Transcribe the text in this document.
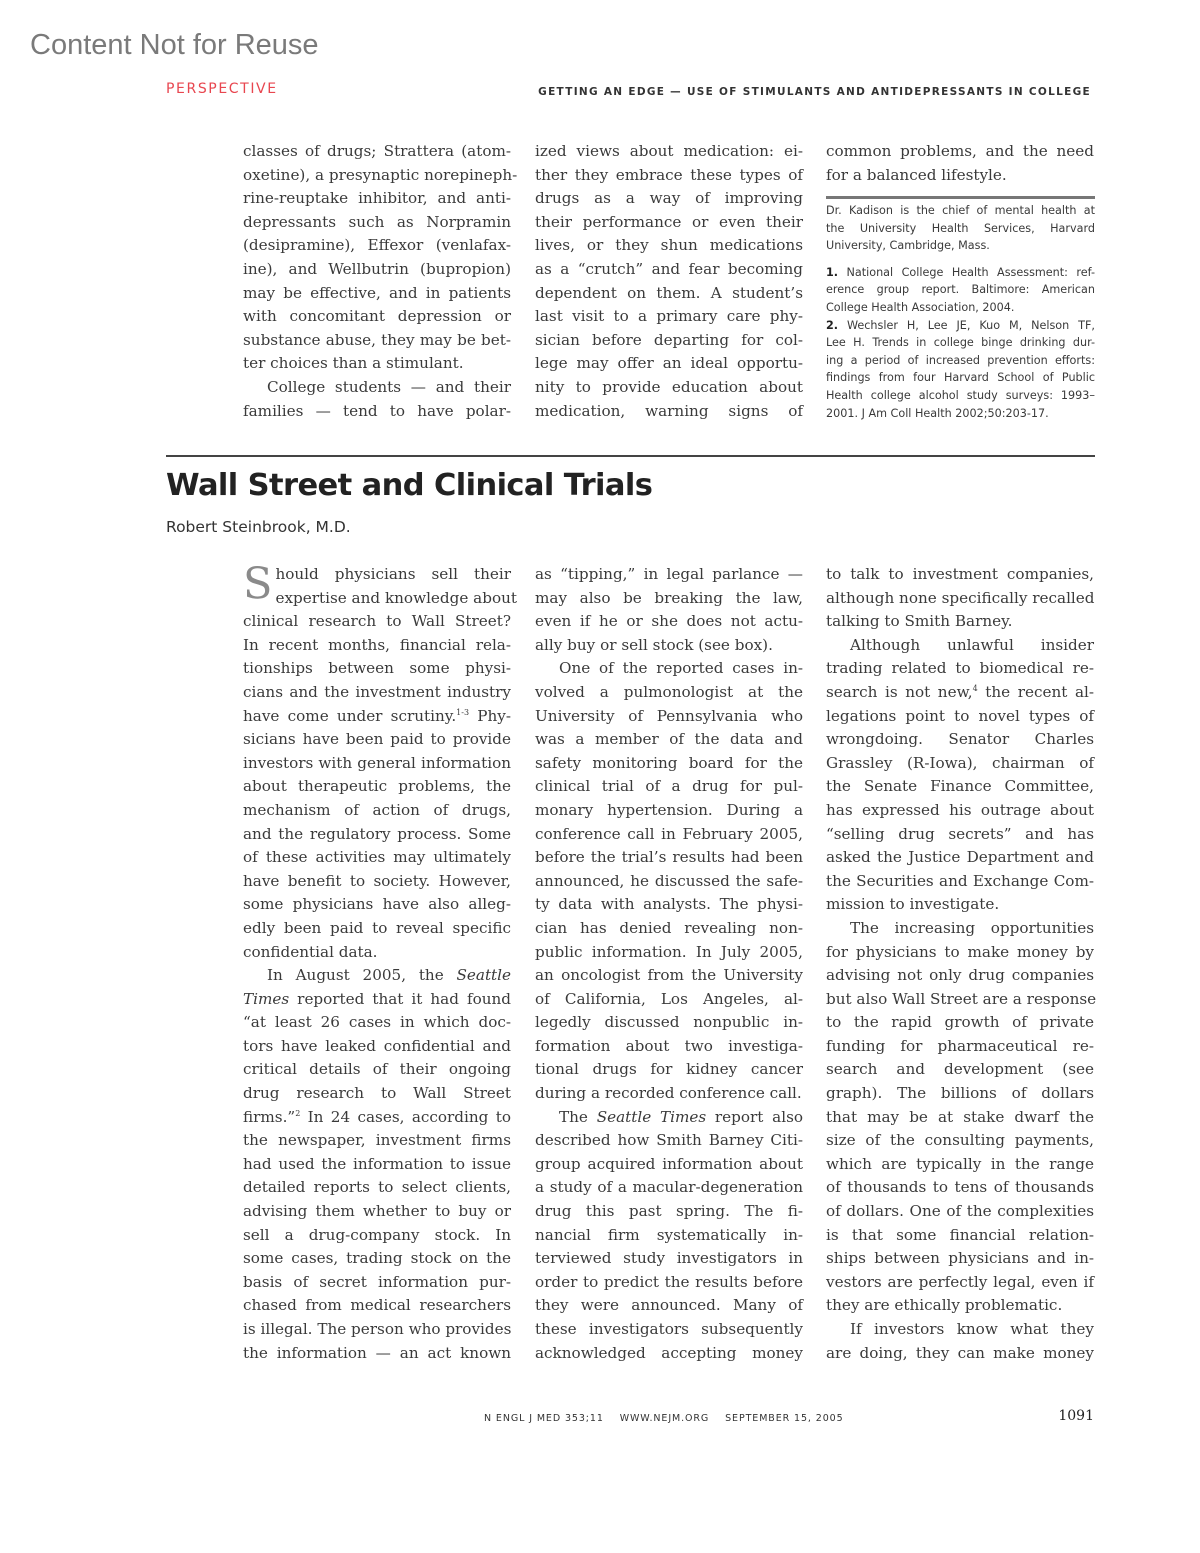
Content Not for Reuse
PERSPECTIVE	GETTING AN EDGE — USE OF STIMULANTS AND ANTIDEPRESSANTS IN COLLEGE

classes of drugs; Strattera (atom-
oxetine), a presynaptic norepineph-
rine-reuptake inhibitor, and anti-
depressants such as Norpramin
(desipramine), Effexor (venlafax-
ine), and Wellbutrin (bupropion)
may be effective, and in patients
with concomitant depression or
substance abuse, they may be bet-
ter choices than a stimulant.

College students — and their
families — tend to have polar-

ized views about medication: ei-
ther they embrace these types of
drugs as a way of improving
their performance or even their
lives, or they shun medications
as a “crutch” and fear becoming
dependent on them. A student’s
last visit to a primary care phy-
sician before departing for col-
lege may offer an ideal opportu-
nity to provide education about
medication, warning signs of

common problems, and the need
for a balanced lifestyle.

Dr. Kadison is the chief of mental health at
the University Health Services, Harvard
University, Cambridge, Mass.
1. National College Health Assessment: ref-
erence group report. Baltimore: American
College Health Association, 2004.
2. Wechsler H, Lee JE, Kuo M, Nelson TF,
Lee H. Trends in college binge drinking dur-
ing a period of increased prevention efforts:
findings from four Harvard School of Public
Health college alcohol study surveys: 1993–
2001. J Am Coll Health 2002;50:203-17.
Wall Street and Clinical Trials
Robert Steinbrook, M.D.

S hould physicians sell their
expertise and knowledge about
clinical research to Wall Street?
In recent months, financial rela-
tionships between some physi-
cians and the investment industry
have come under scrutiny.$^{1-3}$ Phy-
sicians have been paid to provide
investors with general information
about therapeutic problems, the
mechanism of action of drugs,
and the regulatory process. Some
of these activities may ultimately
have benefit to society. However,
some physicians have also alleg-
edly been paid to reveal specific
confidential data.

In August 2005, the Seattle
Times reported that it had found
“at least 26 cases in which doc-
tors have leaked confidential and
critical details of their ongoing
drug research to Wall Street
firms.”$^2$ In 24 cases, according to
the newspaper, investment firms
had used the information to issue
detailed reports to select clients,
advising them whether to buy or
sell a drug-company stock. In
some cases, trading stock on the
basis of secret information pur-
chased from medical researchers
is illegal. The person who provides
the information — an act known

as “tipping,” in legal parlance —
may also be breaking the law,
even if he or she does not actu-
ally buy or sell stock (see box).

One of the reported cases in-
volved a pulmonologist at the
University of Pennsylvania who
was a member of the data and
safety monitoring board for the
clinical trial of a drug for pul-
monary hypertension. During a
conference call in February 2005,
before the trial’s results had been
announced, he discussed the safe-
ty data with analysts. The physi-
cian has denied revealing non-
public information. In July 2005,
an oncologist from the University
of California, Los Angeles, al-
legedly discussed nonpublic in-
formation about two investiga-
tional drugs for kidney cancer
during a recorded conference call.

The Seattle Times report also
described how Smith Barney Citi-
group acquired information about
a study of a macular-degeneration
drug this past spring. The fi-
nancial firm systematically in-
terviewed study investigators in
order to predict the results before
they were announced. Many of
these investigators subsequently
acknowledged accepting money

to talk to investment companies,
although none specifically recalled
talking to Smith Barney.

Although unlawful insider
trading related to biomedical re-
search is not new,$^4$ the recent al-
legations point to novel types of
wrongdoing. Senator Charles
Grassley (R-Iowa), chairman of
the Senate Finance Committee,
has expressed his outrage about
“selling drug secrets” and has
asked the Justice Department and
the Securities and Exchange Com-
mission to investigate.

The increasing opportunities
for physicians to make money by
advising not only drug companies
but also Wall Street are a response
to the rapid growth of private
funding for pharmaceutical re-
search and development (see
graph). The billions of dollars
that may be at stake dwarf the
size of the consulting payments,
which are typically in the range
of thousands to tens of thousands
of dollars. One of the complexities
is that some financial relation-
ships between physicians and in-
vestors are perfectly legal, even if
they are ethically problematic.

If investors know what they
are doing, they can make money

N ENGL J MED 353;11 WWW.NEJM.ORG SEPTEMBER 15, 2005	1091
